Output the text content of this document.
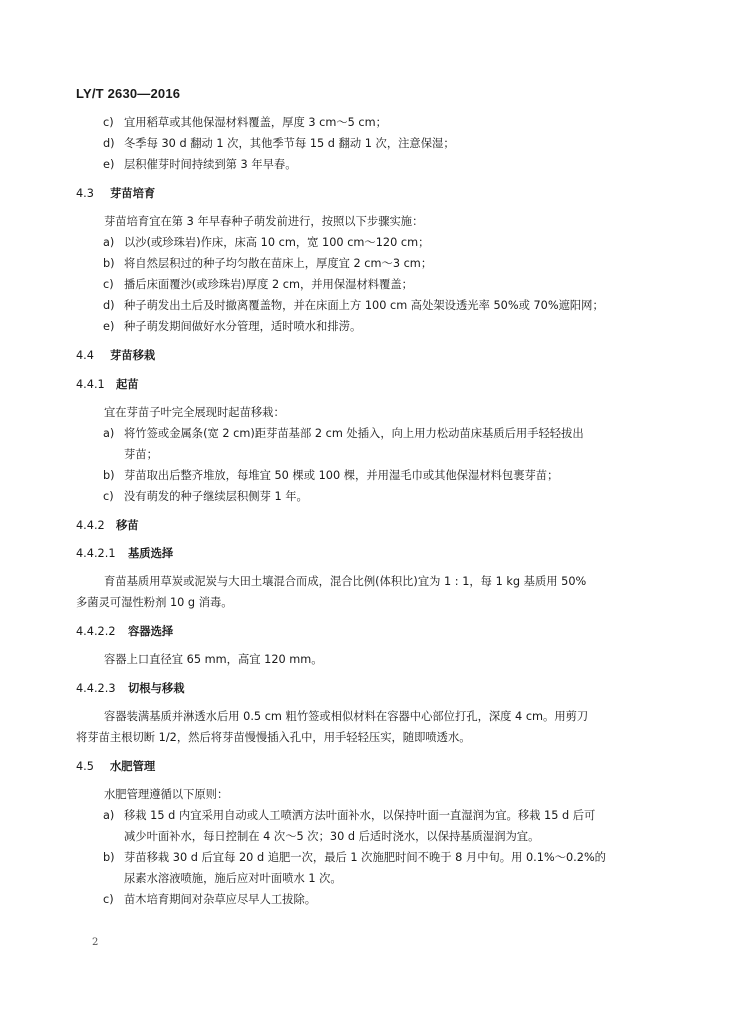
LY/T 2630—2016
c) 宜用稻草或其他保湿材料覆盖，厚度 3 cm～5 cm；
d) 冬季每 30 d 翻动 1 次，其他季节每 15 d 翻动 1 次，注意保湿；
e) 层积催芽时间持续到第 3 年早春。
4.3 芽苗培育
芽苗培育宜在第 3 年早春种子萌发前进行，按照以下步骤实施：
a) 以沙(或珍珠岩)作床，床高 10 cm，宽 100 cm～120 cm；
b) 将自然层积过的种子均匀散在苗床上，厚度宜 2 cm～3 cm；
c) 播后床面覆沙(或珍珠岩)厚度 2 cm，并用保湿材料覆盖；
d) 种子萌发出土后及时撤离覆盖物，并在床面上方 100 cm 高处架设透光率 50%或 70%遮阳网；
e) 种子萌发期间做好水分管理，适时喷水和排涝。
4.4 芽苗移栽
4.4.1 起苗
宜在芽苗子叶完全展现时起苗移栽：
a) 将竹签或金属条(宽 2 cm)距芽苗基部 2 cm 处插入，向上用力松动苗床基质后用手轻轻拔出
芽苗；
b) 芽苗取出后整齐堆放，每堆宜 50 棵或 100 棵，并用湿毛巾或其他保湿材料包裹芽苗；
c) 没有萌发的种子继续层积侧芽 1 年。
4.4.2 移苗
4.4.2.1 基质选择
育苗基质用草炭或泥炭与大田土壤混合而成，混合比例(体积比)宜为 1 : 1，每 1 kg 基质用 50%
多菌灵可湿性粉剂 10 g 消毒。
4.4.2.2 容器选择
容器上口直径宜 65 mm，高宜 120 mm。
4.4.2.3 切根与移栽
容器装满基质并淋透水后用 0.5 cm 粗竹签或相似材料在容器中心部位打孔，深度 4 cm。用剪刀
将芽苗主根切断 1/2，然后将芽苗慢慢插入孔中，用手轻轻压实，随即喷透水。
4.5 水肥管理
水肥管理遵循以下原则：
a) 移栽 15 d 内宜采用自动或人工喷洒方法叶面补水，以保持叶面一直湿润为宜。移栽 15 d 后可
减少叶面补水，每日控制在 4 次～5 次；30 d 后适时浇水，以保持基质湿润为宜。
b) 芽苗移栽 30 d 后宜每 20 d 追肥一次，最后 1 次施肥时间不晚于 8 月中旬。用 0.1%～0.2%的
尿素水溶液喷施，施后应对叶面喷水 1 次。
c) 苗木培育期间对杂草应尽早人工拔除。
2
